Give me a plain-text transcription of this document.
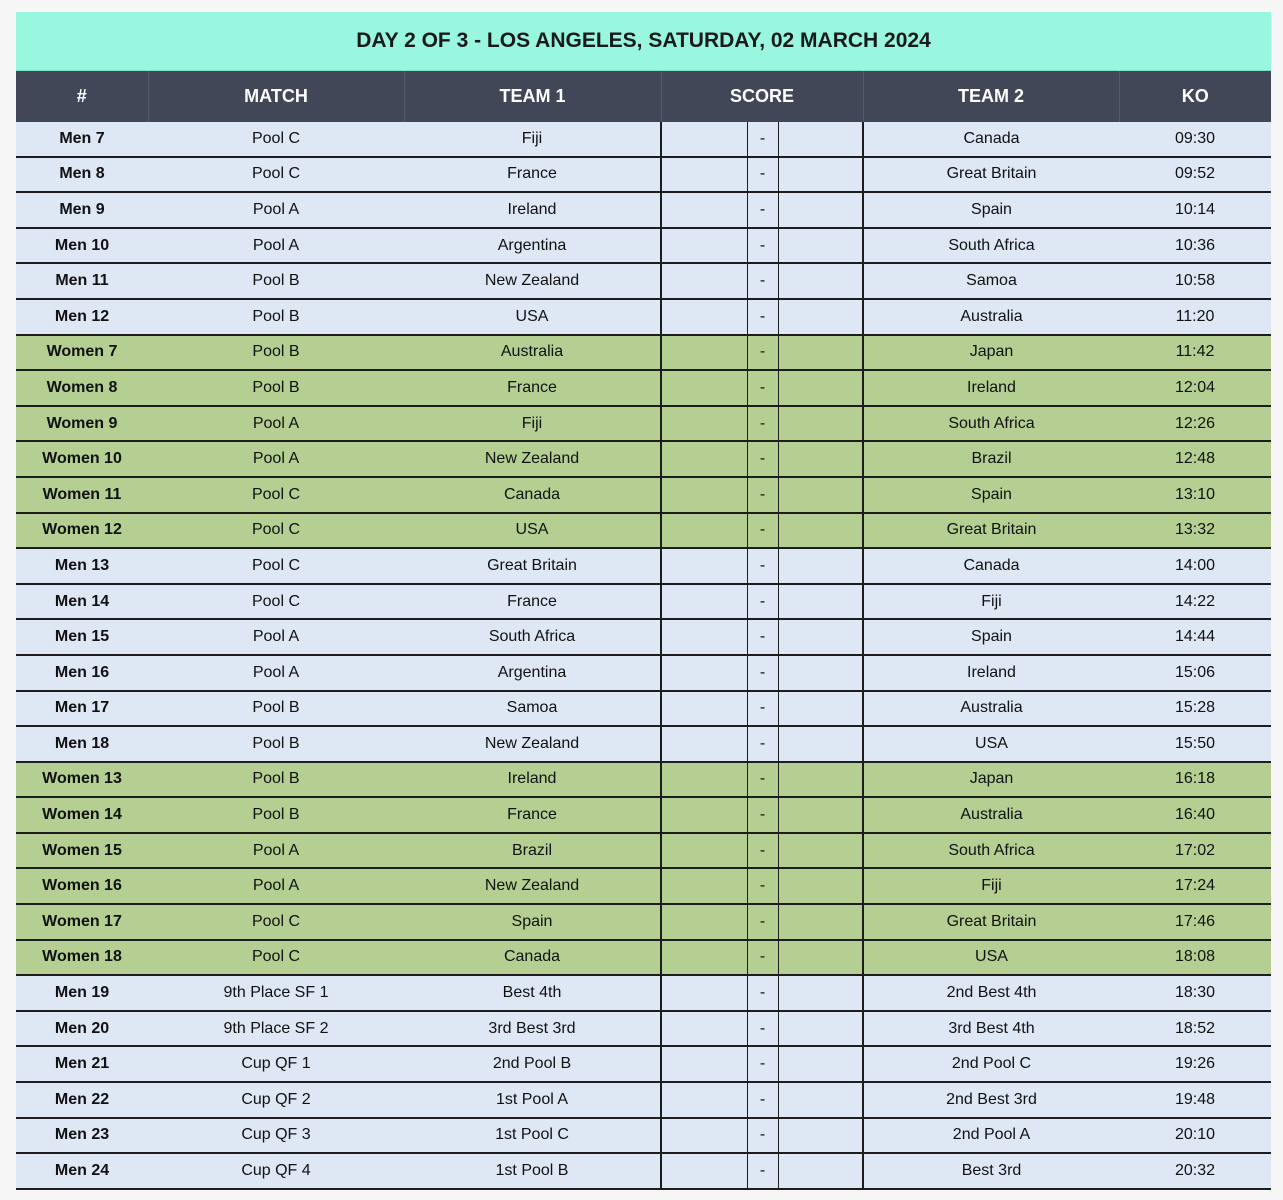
DAY 2 OF 3 - LOS ANGELES, SATURDAY, 02 MARCH 2024
#	MATCH	TEAM 1	SCORE			TEAM 2	KO
Men 7	Pool C	Fiji		-		Canada	09:30
Men 8	Pool C	France		-		Great Britain	09:52
Men 9	Pool A	Ireland		-		Spain	10:14
Men 10	Pool A	Argentina		-		South Africa	10:36
Men 11	Pool B	New Zealand		-		Samoa	10:58
Men 12	Pool B	USA		-		Australia	11:20
Women 7	Pool B	Australia		-		Japan	11:42
Women 8	Pool B	France		-		Ireland	12:04
Women 9	Pool A	Fiji		-		South Africa	12:26
Women 10	Pool A	New Zealand		-		Brazil	12:48
Women 11	Pool C	Canada		-		Spain	13:10
Women 12	Pool C	USA		-		Great Britain	13:32
Men 13	Pool C	Great Britain		-		Canada	14:00
Men 14	Pool C	France		-		Fiji	14:22
Men 15	Pool A	South Africa		-		Spain	14:44
Men 16	Pool A	Argentina		-		Ireland	15:06
Men 17	Pool B	Samoa		-		Australia	15:28
Men 18	Pool B	New Zealand		-		USA	15:50
Women 13	Pool B	Ireland		-		Japan	16:18
Women 14	Pool B	France		-		Australia	16:40
Women 15	Pool A	Brazil		-		South Africa	17:02
Women 16	Pool A	New Zealand		-		Fiji	17:24
Women 17	Pool C	Spain		-		Great Britain	17:46
Women 18	Pool C	Canada		-		USA	18:08
Men 19	9th Place SF 1	Best 4th		-		2nd Best 4th	18:30
Men 20	9th Place SF 2	3rd Best 3rd		-		3rd Best 4th	18:52
Men 21	Cup QF 1	2nd Pool B		-		2nd Pool C	19:26
Men 22	Cup QF 2	1st Pool A		-		2nd Best 3rd	19:48
Men 23	Cup QF 3	1st Pool C		-		2nd Pool A	20:10
Men 24	Cup QF 4	1st Pool B		-		Best 3rd	20:32
